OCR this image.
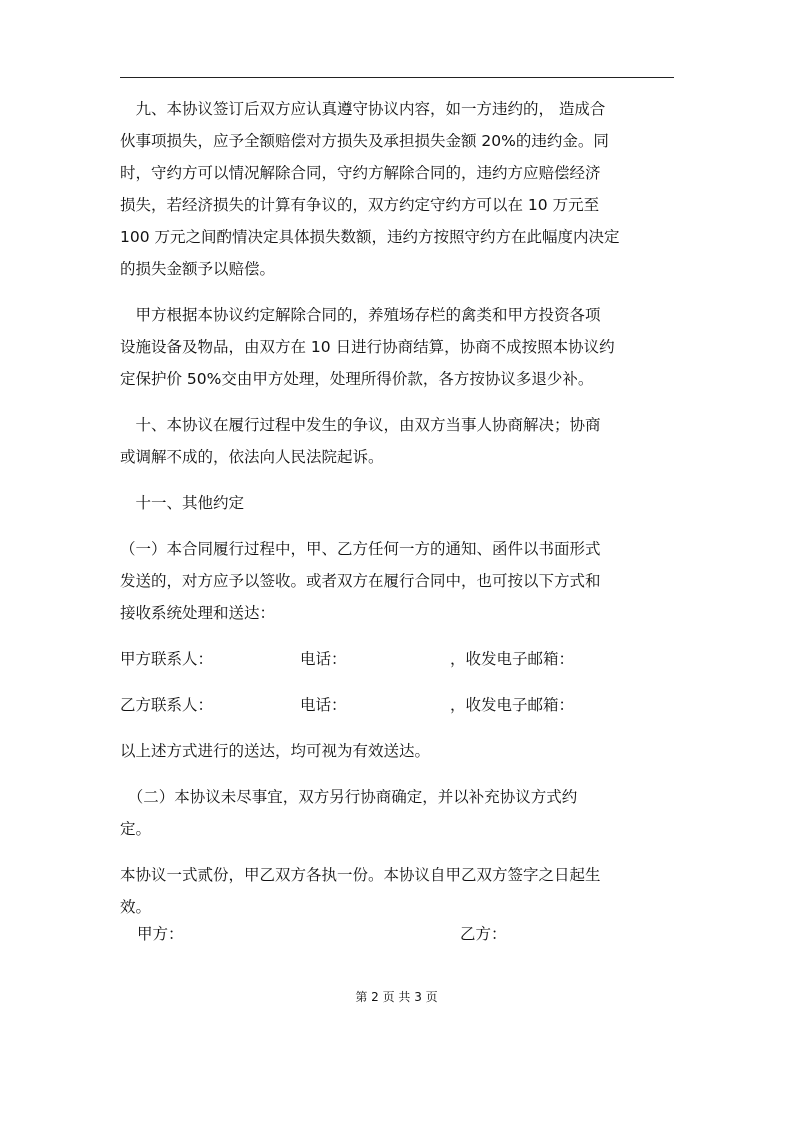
　九、本协议签订后双方应认真遵守协议内容，如一方违约的， 造成合
伙事项损失，应予全额赔偿对方损失及承担损失金额 20%的违约金。同
时，守约方可以情况解除合同，守约方解除合同的，违约方应赔偿经济
损失，若经济损失的计算有争议的，双方约定守约方可以在 10 万元至
100 万元之间酌情决定具体损失数额，违约方按照守约方在此幅度内决定
的损失金额予以赔偿。

　甲方根据本协议约定解除合同的，养殖场存栏的禽类和甲方投资各项
设施设备及物品，由双方在 10 日进行协商结算，协商不成按照本协议约
定保护价 50%交由甲方处理，处理所得价款，各方按协议多退少补。

　十、本协议在履行过程中发生的争议，由双方当事人协商解决；协商
或调解不成的，依法向人民法院起诉。

　十一、其他约定

（一）本合同履行过程中，甲、乙方任何一方的通知、函件以书面形式
发送的，对方应予以签收。或者双方在履行合同中，也可按以下方式和
接收系统处理和送达：

甲方联系人：	电话：	，收发电子邮箱：
乙方联系人：	电话：	，收发电子邮箱：

以上述方式进行的送达，均可视为有效送达。

　（二）本协议未尽事宜，双方另行协商确定，并以补充协议方式约
定。

本协议一式贰份，甲乙双方各执一份。本协议自甲乙双方签字之日起生
效。

甲方：	乙方：
第 2 页 共 3 页
